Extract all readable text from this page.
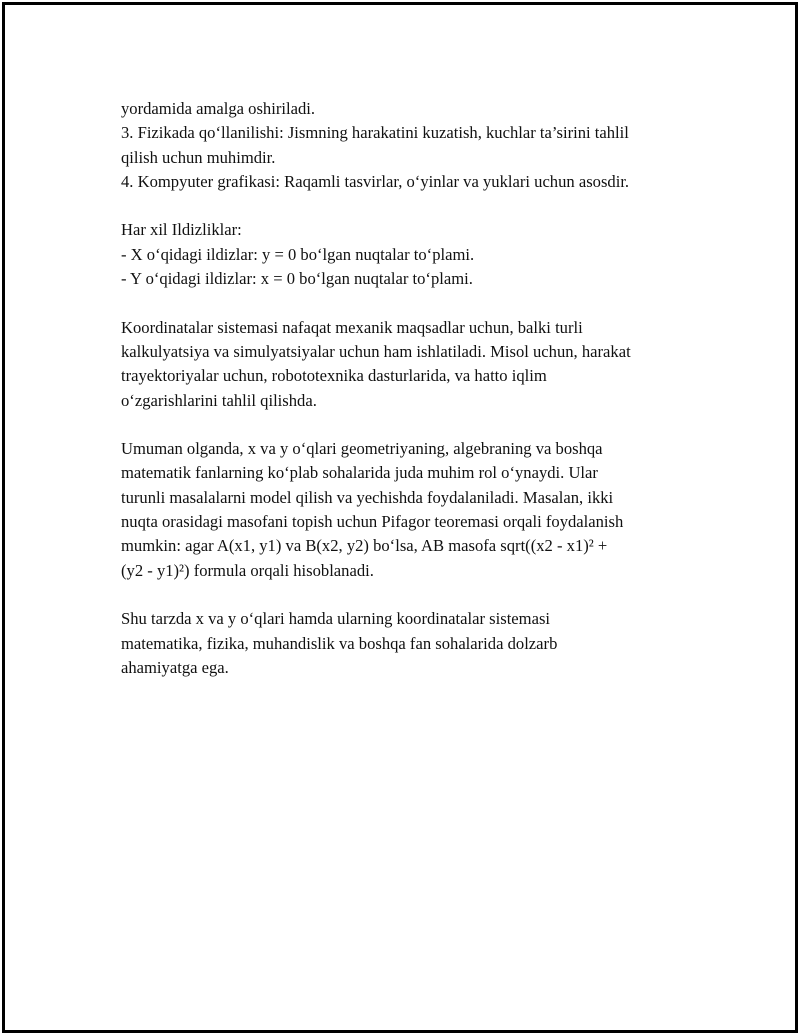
yordamida amalga oshiriladi.
3. Fizikada qo‘llanilishi: Jismning harakatini kuzatish, kuchlar ta’sirini tahlil
qilish uchun muhimdir.
4. Kompyuter grafikasi: Raqamli tasvirlar, o‘yinlar va yuklari uchun asosdir.
Har xil Ildizliklar:
- X o‘qidagi ildizlar: y = 0 bo‘lgan nuqtalar to‘plami.
- Y o‘qidagi ildizlar: x = 0 bo‘lgan nuqtalar to‘plami.
Koordinatalar sistemasi nafaqat mexanik maqsadlar uchun, balki turli
kalkulyatsiya va simulyatsiyalar uchun ham ishlatiladi. Misol uchun, harakat
trayektoriyalar uchun, robototexnika dasturlarida, va hatto iqlim
o‘zgarishlarini tahlil qilishda.
Umuman olganda, x va y o‘qlari geometriyaning, algebraning va boshqa
matematik fanlarning ko‘plab sohalarida juda muhim rol o‘ynaydi. Ular
turunli masalalarni model qilish va yechishda foydalaniladi. Masalan, ikki
nuqta orasidagi masofani topish uchun Pifagor teoremasi orqali foydalanish
mumkin: agar A(x1, y1) va B(x2, y2) bo‘lsa, AB masofa sqrt((x2 - x1)² +
(y2 - y1)²) formula orqali hisoblanadi.
Shu tarzda x va y o‘qlari hamda ularning koordinatalar sistemasi
matematika, fizika, muhandislik va boshqa fan sohalarida dolzarb
ahamiyatga ega.
